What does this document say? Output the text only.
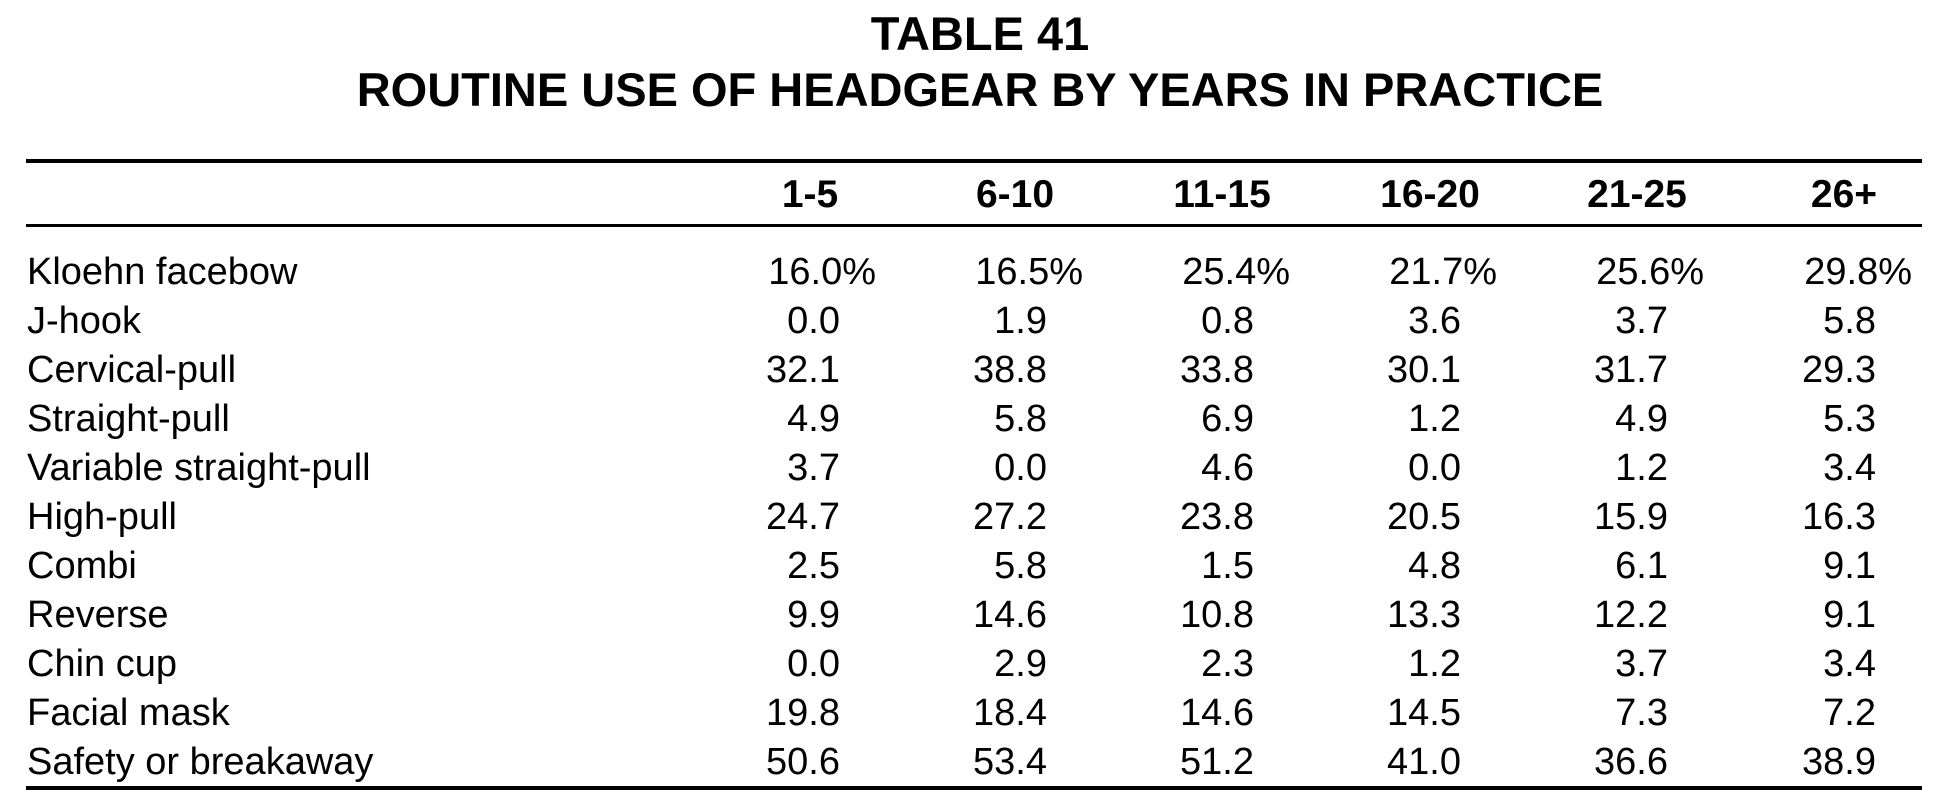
TABLE 41
ROUTINE USE OF HEADGEAR BY YEARS IN PRACTICE
1-5	6-10	11-15	16-20	21-25	26+
Kloehn facebow	16.0%	16.5%	25.4%	21.7%	25.6%	29.8%
J-hook	0.0	1.9	0.8	3.6	3.7	5.8
Cervical-pull	32.1	38.8	33.8	30.1	31.7	29.3
Straight-pull	4.9	5.8	6.9	1.2	4.9	5.3
Variable straight-pull	3.7	0.0	4.6	0.0	1.2	3.4
High-pull	24.7	27.2	23.8	20.5	15.9	16.3
Combi	2.5	5.8	1.5	4.8	6.1	9.1
Reverse	9.9	14.6	10.8	13.3	12.2	9.1
Chin cup	0.0	2.9	2.3	1.2	3.7	3.4
Facial mask	19.8	18.4	14.6	14.5	7.3	7.2
Safety or breakaway	50.6	53.4	51.2	41.0	36.6	38.9
